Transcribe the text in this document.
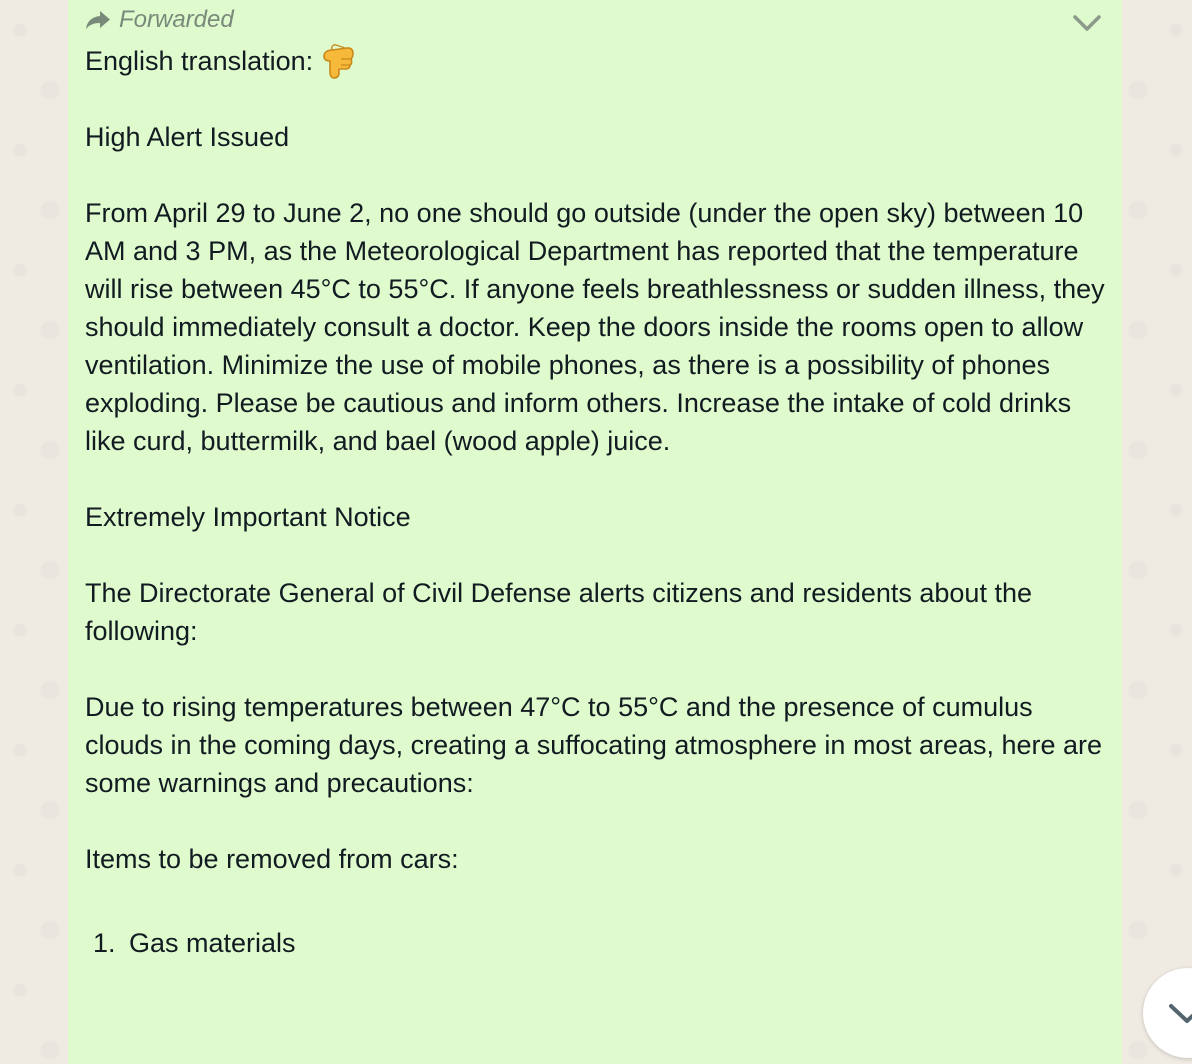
Forwarded

English translation:

High Alert Issued

From April 29 to June 2, no one should go outside (under the open sky) between 10 AM and 3 PM, as the Meteorological Department has reported that the temperature will rise between 45°C to 55°C. If anyone feels breathlessness or sudden illness, they should immediately consult a doctor. Keep the doors inside the rooms open to allow ventilation. Minimize the use of mobile phones, as there is a possibility of phones exploding. Please be cautious and inform others. Increase the intake of cold drinks like curd, buttermilk, and bael (wood apple) juice.

Extremely Important Notice

The Directorate General of Civil Defense alerts citizens and residents about the following:

Due to rising temperatures between 47°C to 55°C and the presence of cumulus clouds in the coming days, creating a suffocating atmosphere in most areas, here are some warnings and precautions:

Items to be removed from cars:

1. Gas materials
